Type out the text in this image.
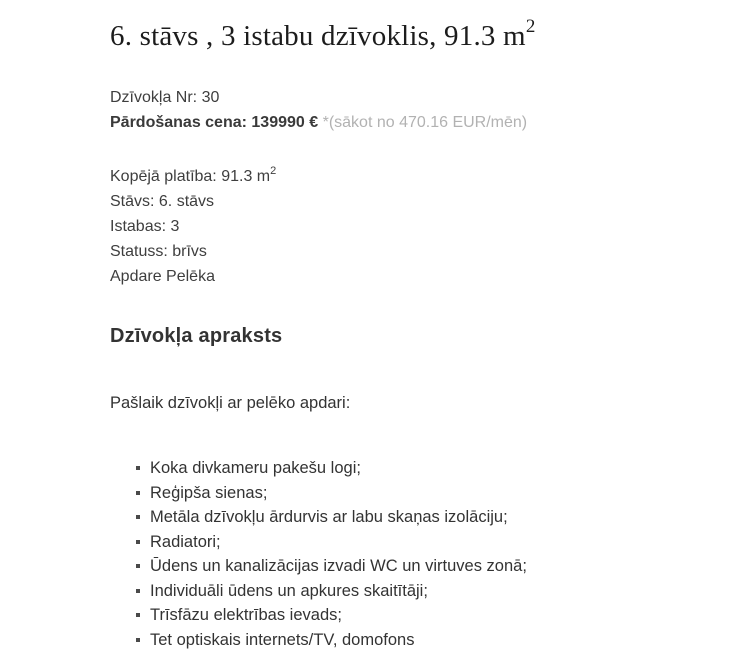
6. stāvs , 3 istabu dzīvoklis, 91.3 $m^2$
Dzīvokļa Nr: 30
Pārdošanas cena: 139990 € *(sākot no 470.16 EUR/mēn)
Kopējā platība: 91.3 $m^2$
Stāvs: 6. stāvs
Istabas: 3
Statuss: brīvs
Apdare Pelēka
Dzīvokļa apraksts

Pašlaik dzīvokļi ar pelēko apdari:

Koka divkameru pakešu logi;
Reģipša sienas;
Metāla dzīvokļu ārdurvis ar labu skaņas izolāciju;
Radiatori;
Ūdens un kanalizācijas izvadi WC un virtuves zonā;
Individuāli ūdens un apkures skaitītāji;
Trīsfāzu elektrības ievads;
Tet optiskais internets/TV, domofons
